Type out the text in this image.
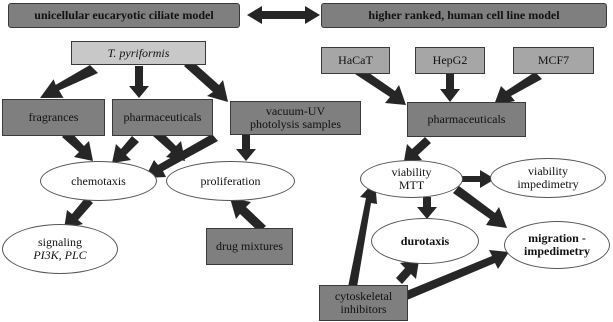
unicellular eucaryotic ciliate model
T. pyriformis
fragrances	pharmaceuticals	vacuum-UV
photolysis samples
chemotaxis	proliferation
signaling
PI3K, PLC
drug mixtures
higher ranked, human cell line model
HaCaT	HepG2	MCF7
pharmaceuticals
viability
MTT
viability
impedimetry
durotaxis	migration -
impedimetry
cytoskeletal
inhibitors
